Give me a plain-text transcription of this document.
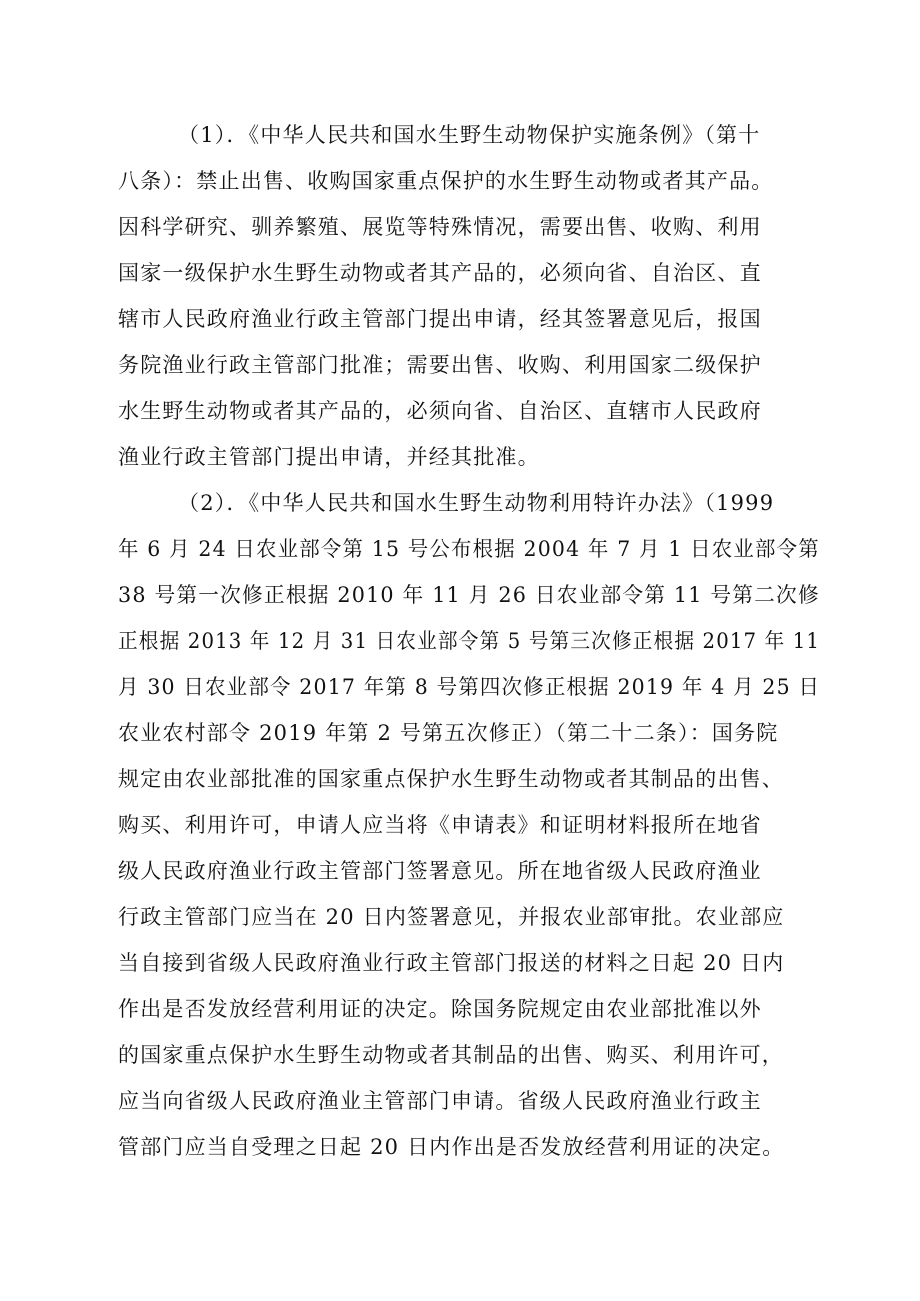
（1）．《中华人民共和国水生野生动物保护实施条例》（第十
八条）：禁止出售、收购国家重点保护的水生野生动物或者其产品。
因科学研究、驯养繁殖、展览等特殊情况，需要出售、收购、利用
国家一级保护水生野生动物或者其产品的，必须向省、自治区、直
辖市人民政府渔业行政主管部门提出申请，经其签署意见后，报国
务院渔业行政主管部门批准；需要出售、收购、利用国家二级保护
水生野生动物或者其产品的，必须向省、自治区、直辖市人民政府
渔业行政主管部门提出申请，并经其批准。
（2）．《中华人民共和国水生野生动物利用特许办法》（1999
年 6 月 24 日农业部令第 15 号公布根据 2004 年 7 月 1 日农业部令第
38 号第一次修正根据 2010 年 11 月 26 日农业部令第 11 号第二次修
正根据 2013 年 12 月 31 日农业部令第 5 号第三次修正根据 2017 年 11
月 30 日农业部令 2017 年第 8 号第四次修正根据 2019 年 4 月 25 日
农业农村部令 2019 年第 2 号第五次修正）（第二十二条）：国务院
规定由农业部批准的国家重点保护水生野生动物或者其制品的出售、
购买、利用许可，申请人应当将《申请表》和证明材料报所在地省
级人民政府渔业行政主管部门签署意见。所在地省级人民政府渔业
行政主管部门应当在 20 日内签署意见，并报农业部审批。农业部应
当自接到省级人民政府渔业行政主管部门报送的材料之日起 20 日内
作出是否发放经营利用证的决定。除国务院规定由农业部批准以外
的国家重点保护水生野生动物或者其制品的出售、购买、利用许可，
应当向省级人民政府渔业主管部门申请。省级人民政府渔业行政主
管部门应当自受理之日起 20 日内作出是否发放经营利用证的决定。
